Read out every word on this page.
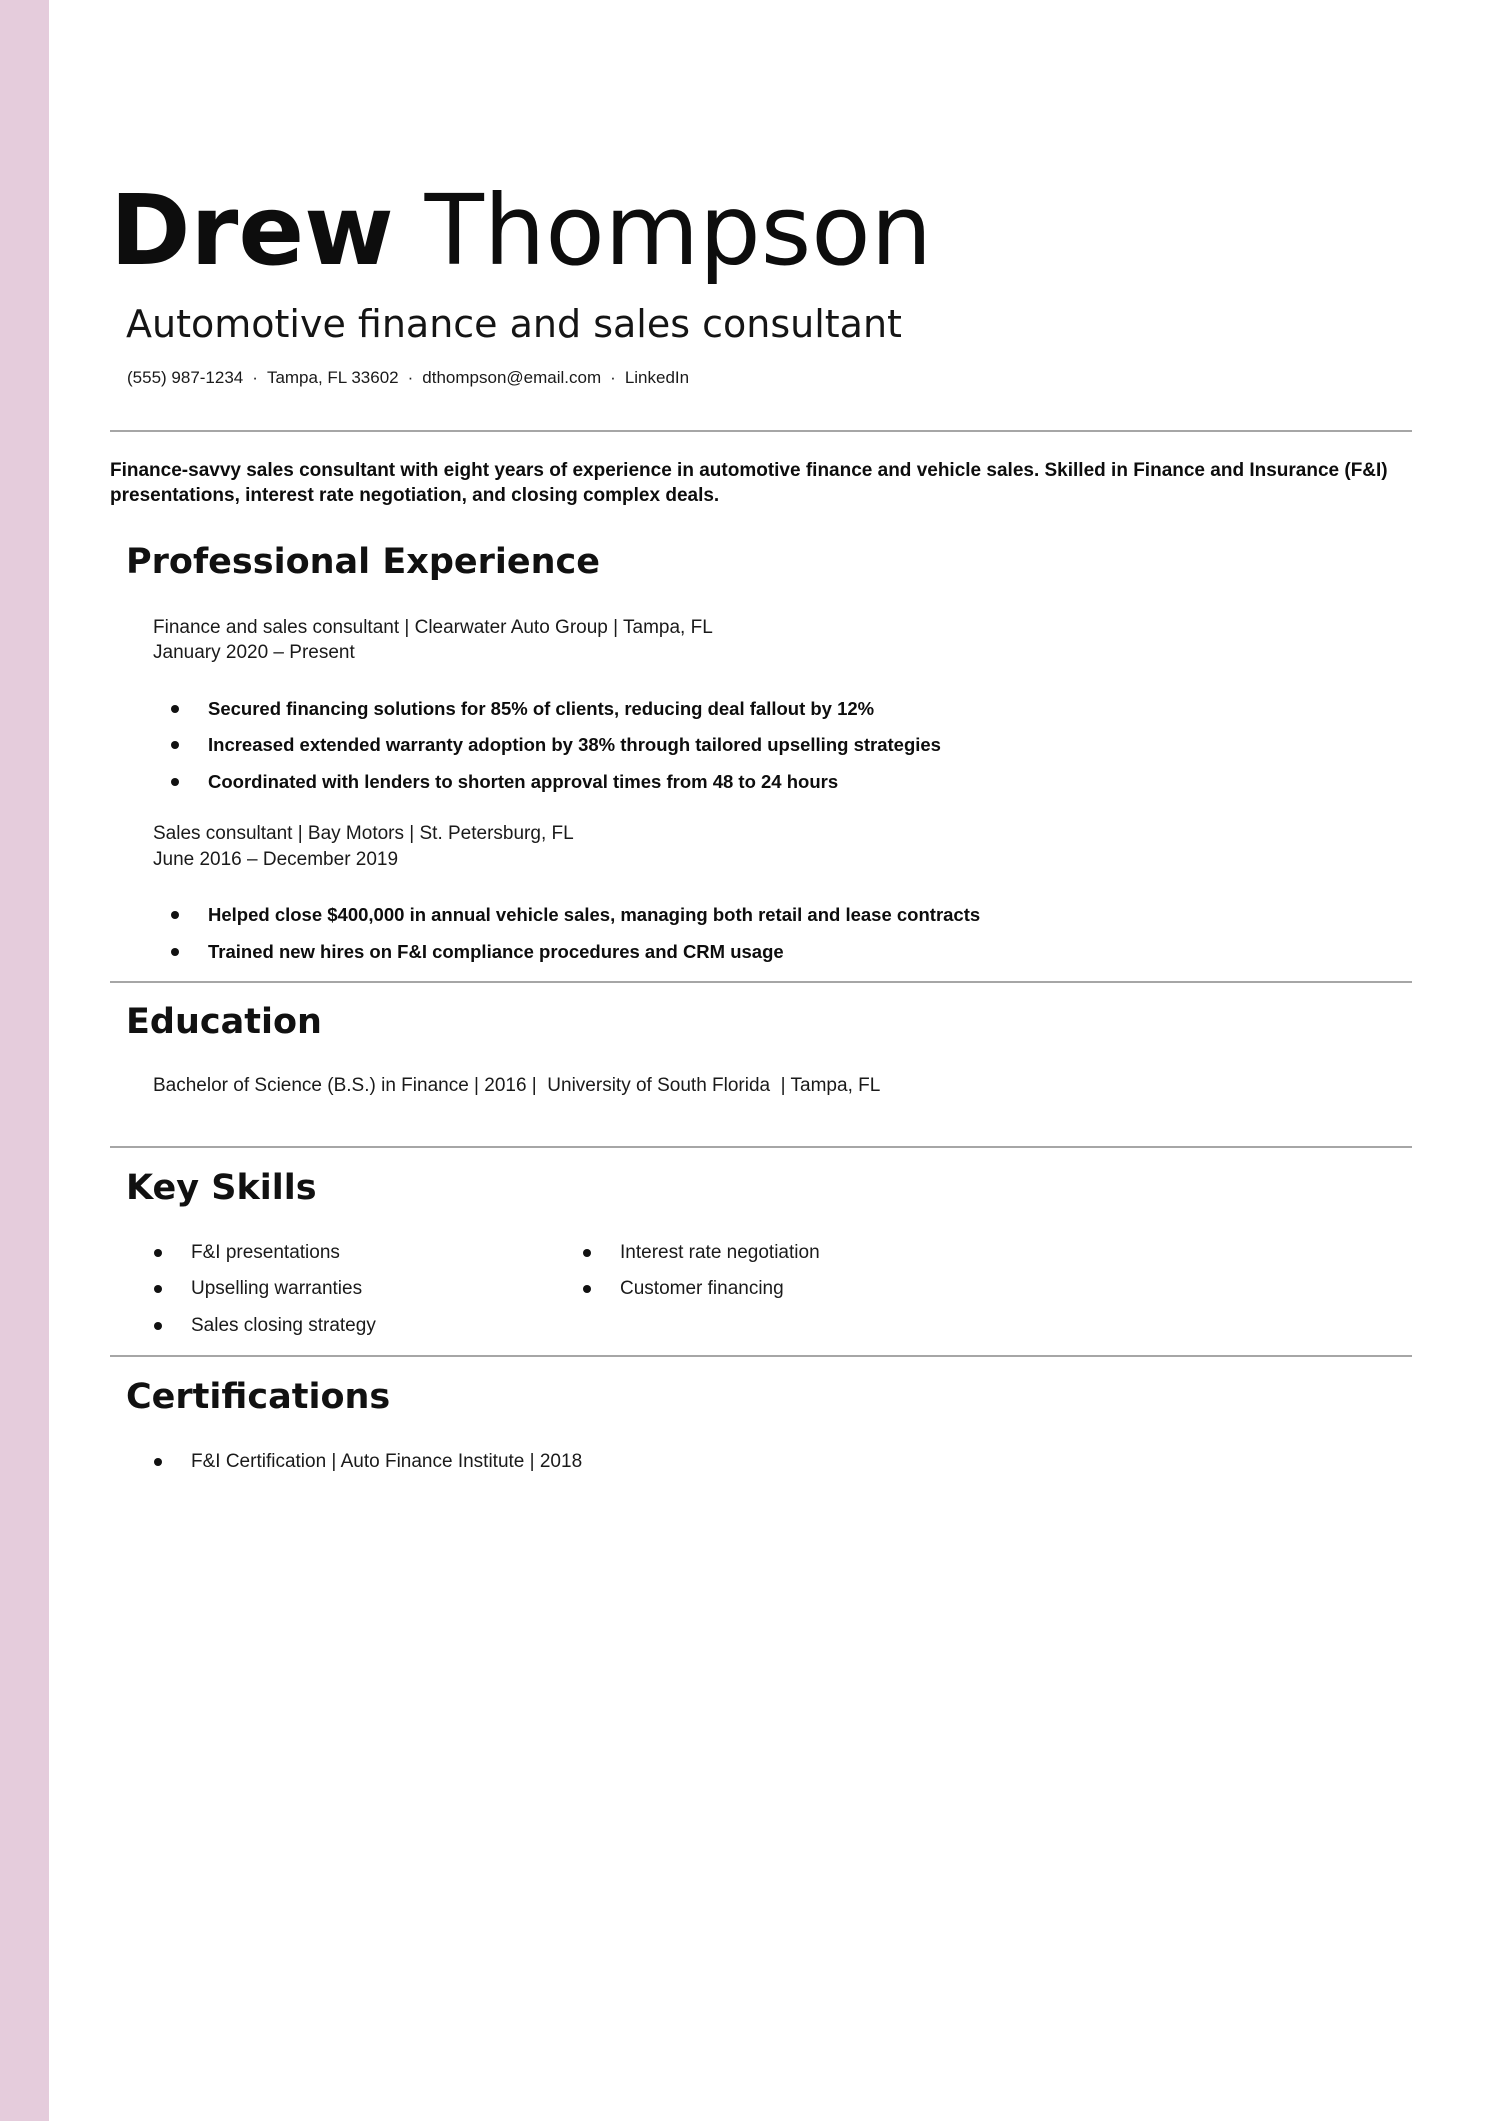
Drew Thompson
Automotive finance and sales consultant
(555) 987-1234 · Tampa, FL 33602 · dthompson@email.com · LinkedIn
Finance-savvy sales consultant with eight years of experience in automotive finance and vehicle sales. Skilled in Finance and Insurance (F&I) presentations, interest rate negotiation, and closing complex deals.
Professional Experience
Finance and sales consultant | Clearwater Auto Group | Tampa, FL
January 2020 – Present
Secured financing solutions for 85% of clients, reducing deal fallout by 12%
Increased extended warranty adoption by 38% through tailored upselling strategies
Coordinated with lenders to shorten approval times from 48 to 24 hours
Sales consultant | Bay Motors | St. Petersburg, FL
June 2016 – December 2019
Helped close $400,000 in annual vehicle sales, managing both retail and lease contracts
Trained new hires on F&I compliance procedures and CRM usage
Education
Bachelor of Science (B.S.) in Finance | 2016 |  University of South Florida  | Tampa, FL
Key Skills
F&I presentations
Upselling warranties
Sales closing strategy
Interest rate negotiation
Customer financing
Certifications
F&I Certification | Auto Finance Institute | 2018
